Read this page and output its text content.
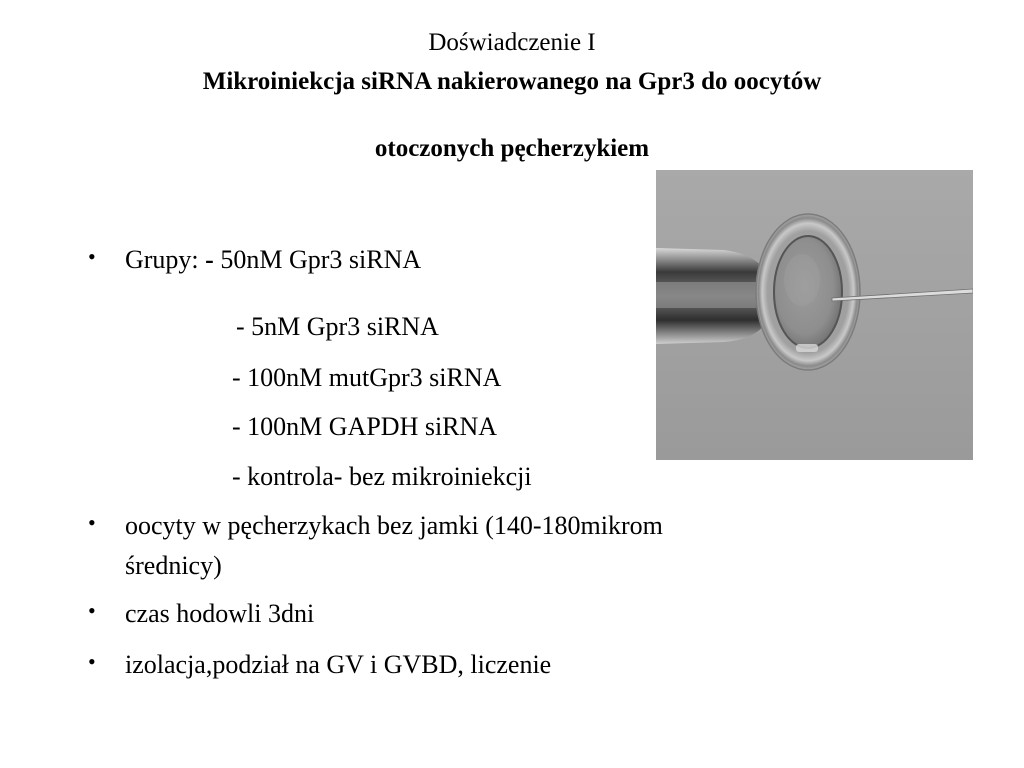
Doświadczenie I
Mikroiniekcja siRNA nakierowanego na Gpr3 do oocytów
otoczonych pęcherzykiem
• Grupy: - 50nM Gpr3 siRNA

- 5nM Gpr3 siRNA

- 100nM mutGpr3 siRNA

- 100nM GAPDH siRNA

- kontrola- bez mikroiniekcji

• oocyty w pęcherzykach bez jamki (140-180mikrom

średnicy)

• czas hodowli 3dni

• izolacja,podział na GV i GVBD, liczenie
